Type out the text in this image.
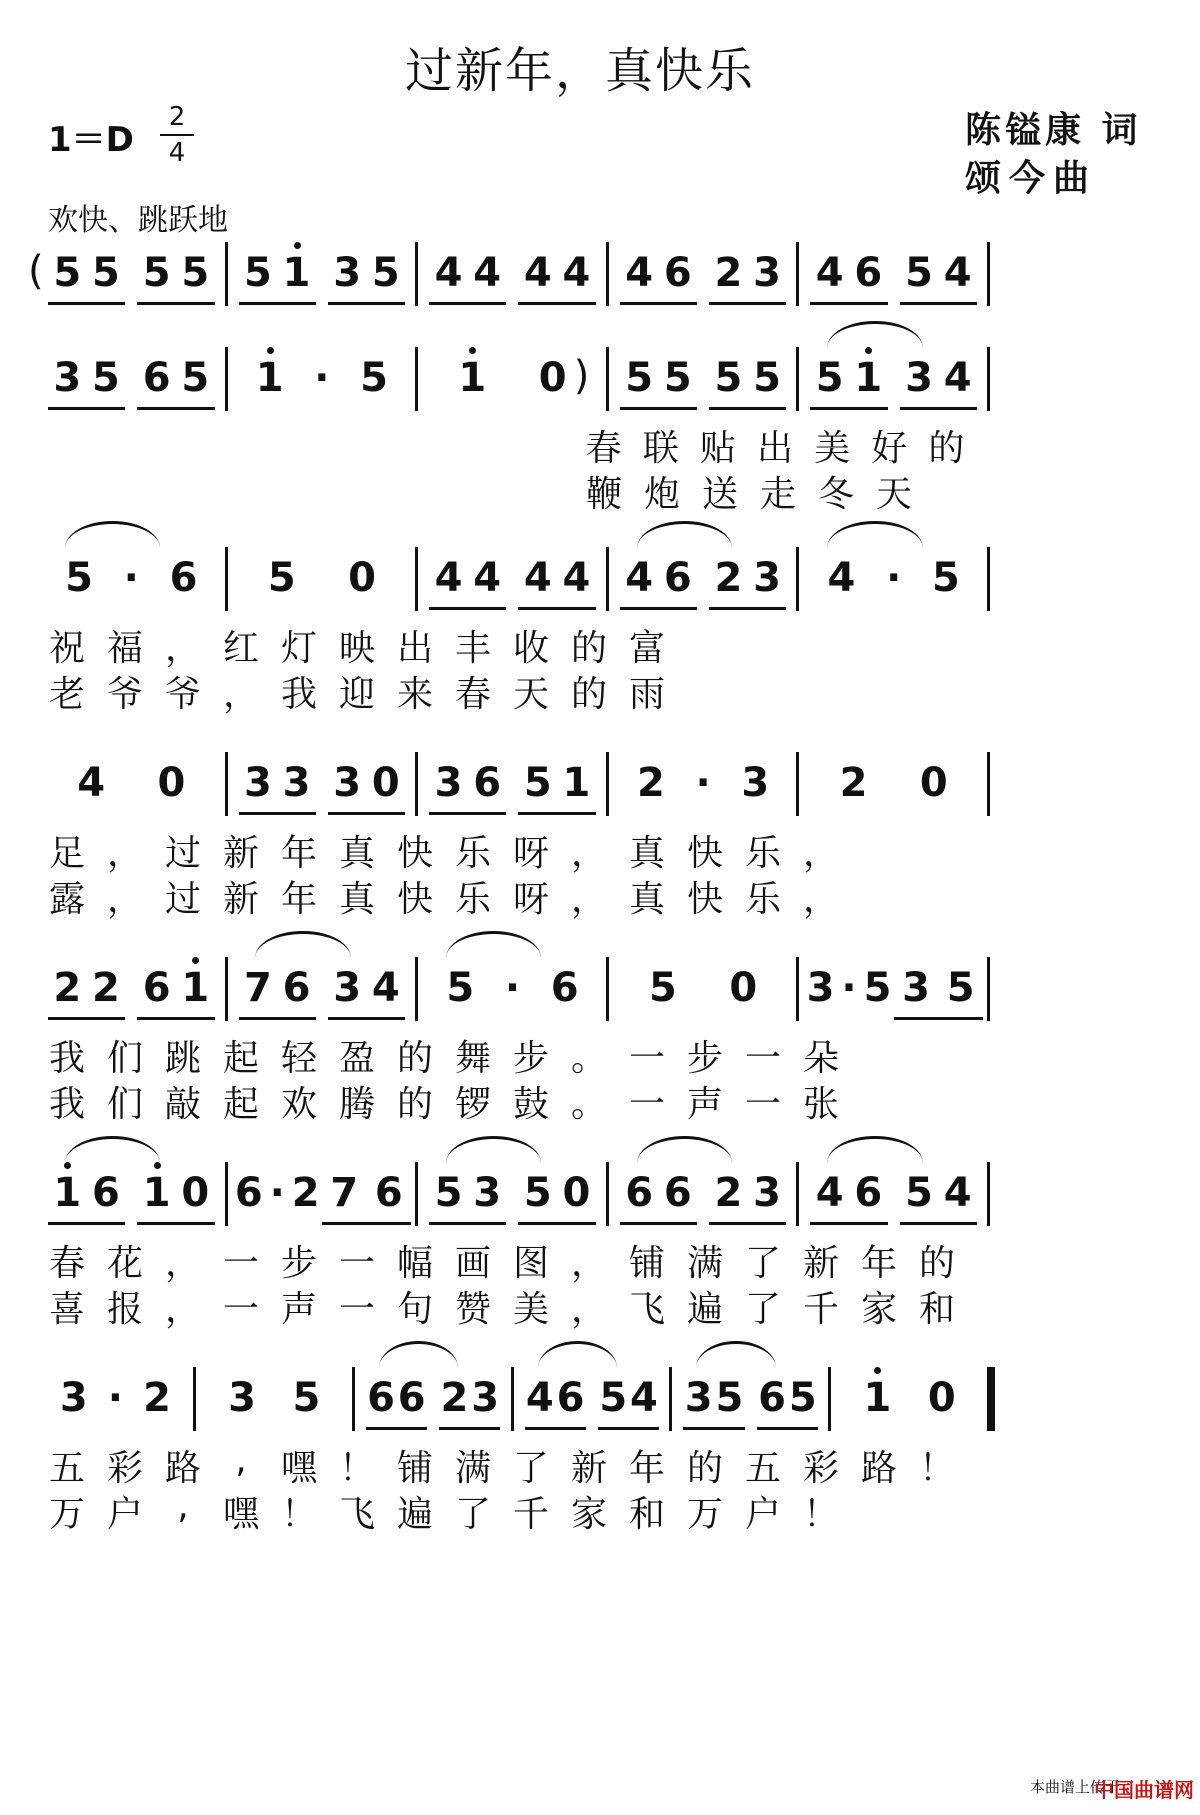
过新年，真快乐
1＝D
2
4
陈镒康 词
颂 今 曲
欢快、跳跃地
( 5 5 5 5 5 1 3 5 4 4 4 4 4 6 2 3 4 6 5 4
3 5 6 5 1 · 5 1 0 ) 5 5 5 5 5 1 3 4
春 联 贴 出 美 好 的
鞭 炮 送 走 冬 天
5 · 6 5 0 4 4 4 4 4 6 2 3 4 · 5
祝 福 ， 红 灯 映 出 丰 收 的 富
老 爷 爷 ， 我 迎 来 春 天 的 雨
4 0 3 3 3 0 3 6 5 1 2 · 3 2 0
足 ， 过 新 年 真 快 乐 呀 ， 真 快 乐 ，
露 ， 过 新 年 真 快 乐 呀 ， 真 快 乐 ，
2 2 6 1 7 6 3 4 5 · 6 5 0 3 · 5 3 5
我 们 跳 起 轻 盈 的 舞 步 。 一 步 一 朵
我 们 敲 起 欢 腾 的 锣 鼓 。 一 声 一 张
1 6 1 0 6 · 2 7 6 5 3 5 0 6 6 2 3 4 6 5 4
春 花 ， 一 步 一 幅 画 图 ， 铺 满 了 新 年 的
喜 报 ， 一 声 一 句 赞 美 ， 飞 遍 了 千 家 和
3 · 2 3 5 6 6 2 3 4 6 5 4 3 5 6 5 1 0
五 彩 路 , 嘿 ！ 铺 满 了 新 年 的 五 彩 路 ！
万 户 , 嘿 ！ 飞 遍 了 千 家 和 万 户 ！
本曲谱上传于
中国曲谱网
